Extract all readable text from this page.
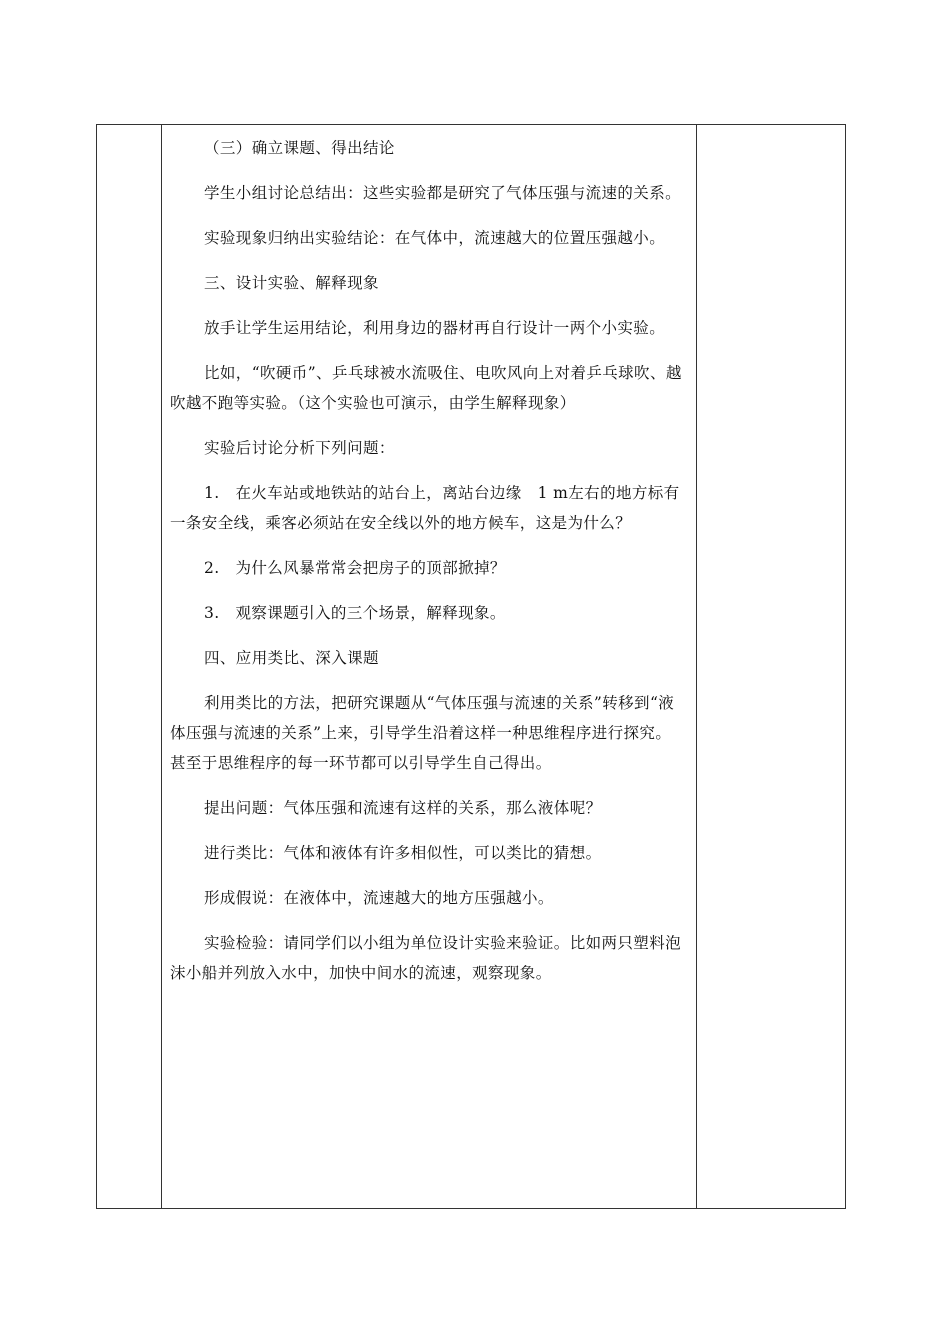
（三）确立课题、得出结论

学生小组讨论总结出：这些实验都是研究了气体压强与流速的关系。

实验现象归纳出实验结论：在气体中，流速越大的位置压强越小。

三、设计实验、解释现象

放手让学生运用结论，利用身边的器材再自行设计一两个小实验。

比如，“吹硬币”、乒乓球被水流吸住、电吹风向上对着乒乓球吹、越吹越不跑等实验。（这个实验也可演示，由学生解释现象）

实验后讨论分析下列问题：

1.　在火车站或地铁站的站台上，离站台边缘　1 m左右的地方标有一条安全线，乘客必须站在安全线以外的地方候车，这是为什么？

2.　为什么风暴常常会把房子的顶部掀掉？

3.　观察课题引入的三个场景，解释现象。

四、应用类比、深入课题

利用类比的方法，把研究课题从“气体压强与流速的关系”转移到“液体压强与流速的关系”上来，引导学生沿着这样一种思维程序进行探究。甚至于思维程序的每一环节都可以引导学生自己得出。

提出问题：气体压强和流速有这样的关系，那么液体呢？

进行类比：气体和液体有许多相似性，可以类比的猜想。

形成假说：在液体中，流速越大的地方压强越小。

实验检验：请同学们以小组为单位设计实验来验证。比如两只塑料泡沫小船并列放入水中，加快中间水的流速，观察现象。
